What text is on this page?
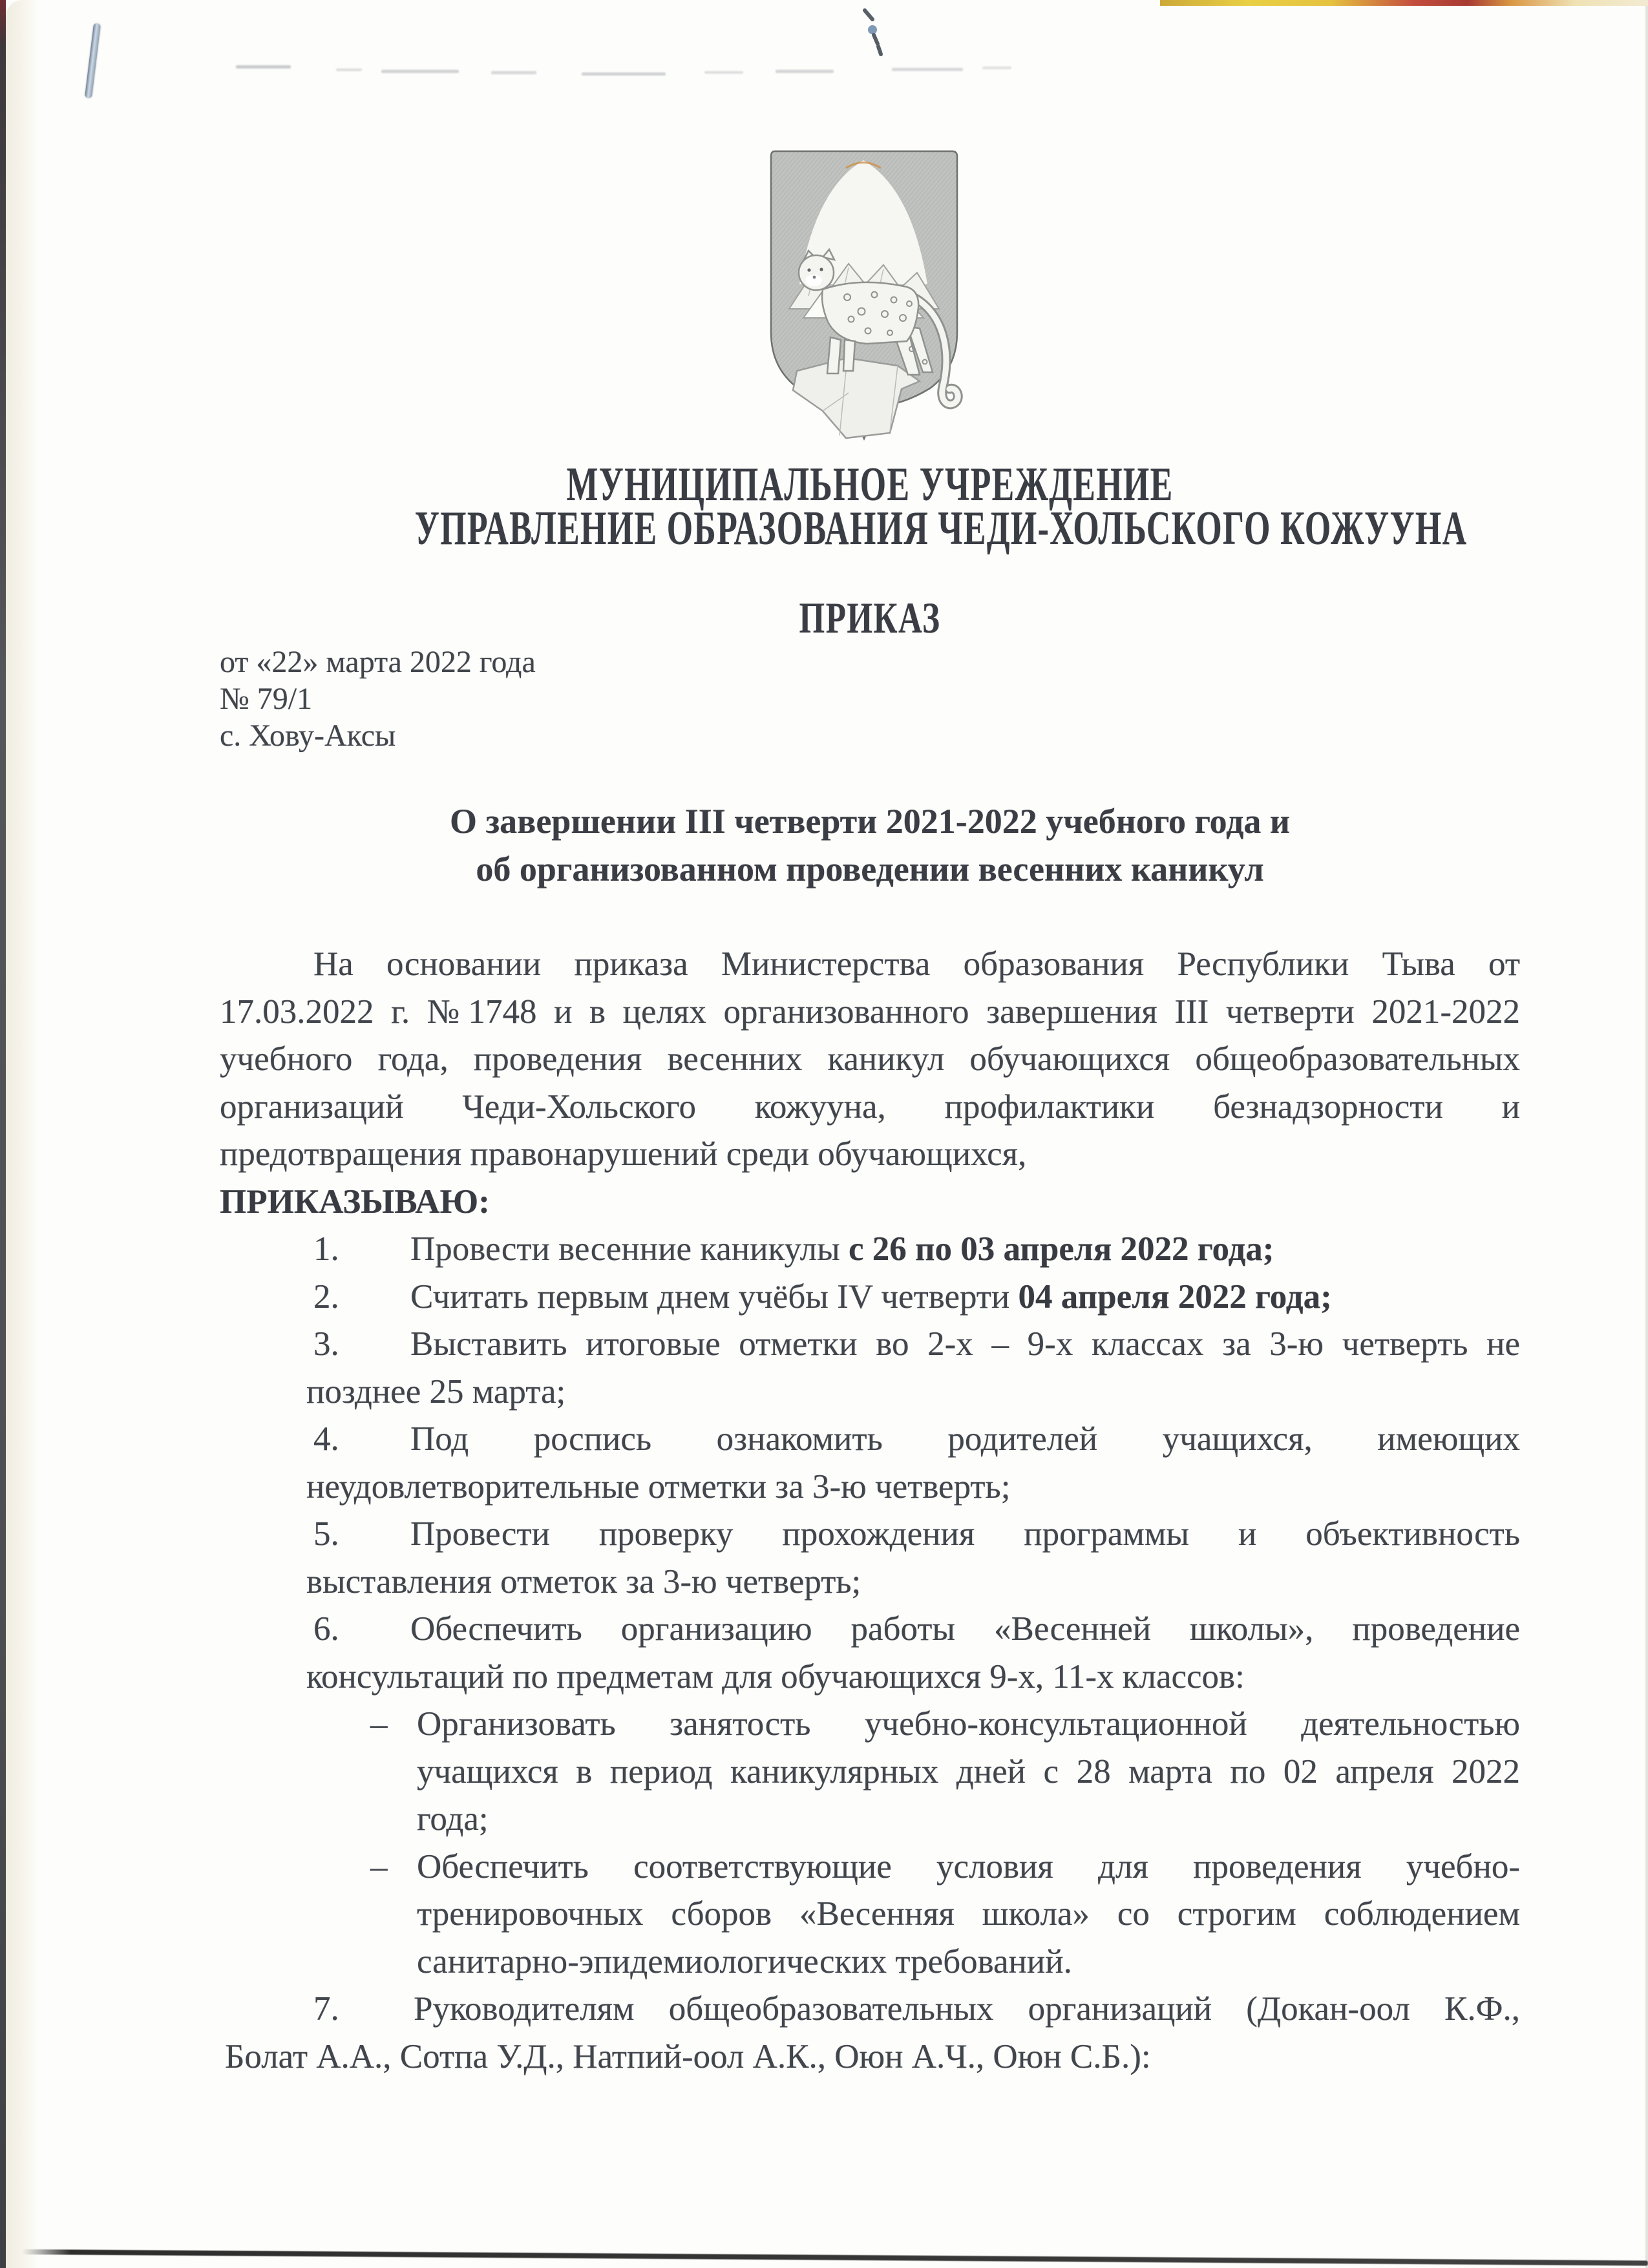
МУНИЦИПАЛЬНОЕ УЧРЕЖДЕНИЕ
УПРАВЛЕНИЕ ОБРАЗОВАНИЯ ЧЕДИ-ХОЛЬСКОГО КОЖУУНА
ПРИКАЗ
от «22» марта 2022 года
№ 79/1
с. Хову-Аксы
О завершении III четверти 2021-2022 учебного года и
об организованном проведении весенних каникул
На основании приказа Министерства образования Республики Тыва от
17.03.2022 г. №1748 и в целях организованного завершения III четверти 2021-2022
учебного года, проведения весенних каникул обучающихся общеобразовательных
организаций Чеди-Хольского кожууна, профилактики безнадзорности и
предотвращения правонарушений среди обучающихся,
ПРИКАЗЫВАЮ:
1. Провести весенние каникулы с 26 по 03 апреля 2022 года;
2. Считать первым днем учёбы IV четверти 04 апреля 2022 года;
3. Выставить итоговые отметки во 2-х – 9-х классах за 3-ю четверть не
позднее 25 марта;
4. Под роспись ознакомить родителей учащихся, имеющих
неудовлетворительные отметки за 3-ю четверть;
5. Провести проверку прохождения программы и объективность
выставления отметок за 3-ю четверть;
6. Обеспечить организацию работы «Весенней школы», проведение
консультаций по предметам для обучающихся 9-х, 11-х классов:
– Организовать занятость учебно-консультационной деятельностью
учащихся в период каникулярных дней с 28 марта по 02 апреля 2022
года;
– Обеспечить соответствующие условия для проведения учебно-
тренировочных сборов «Весенняя школа» со строгим соблюдением
санитарно-эпидемиологических требований.
7. Руководителям общеобразовательных организаций (Докан-оол К.Ф.,
Болат А.А., Сотпа У.Д., Натпий-оол А.К., Оюн А.Ч., Оюн С.Б.):
